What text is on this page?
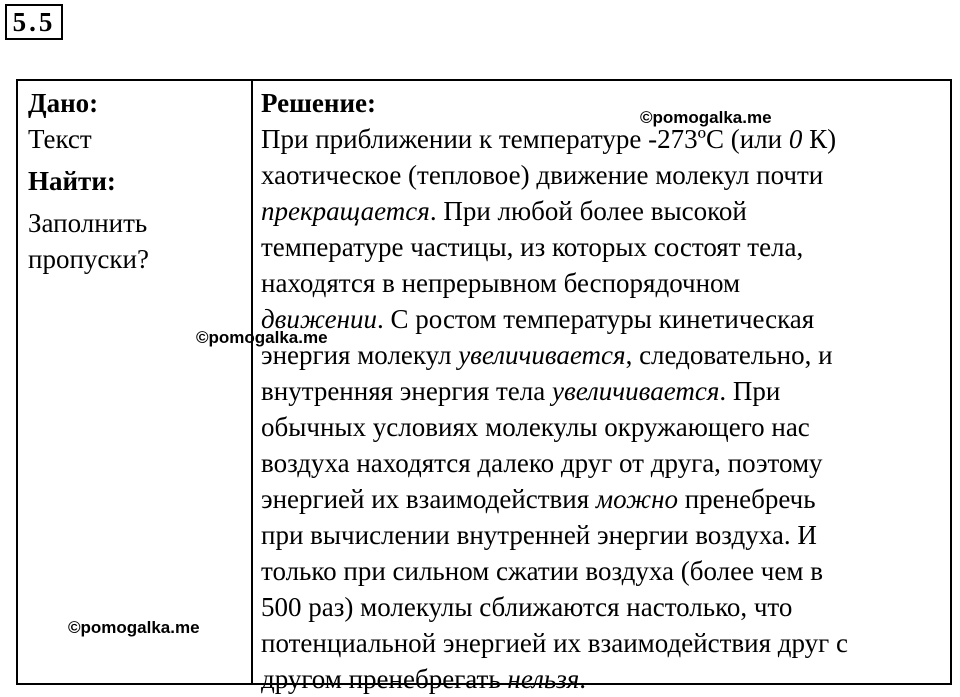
5.5
Дано:
Текст
Найти:
Заполнить
пропуски?
Решение:

При приближении к температуре -273ºС (или 0 К)

хаотическое (тепловое) движение молекул почти

прекращается. При любой более высокой

температуре частицы, из которых состоят тела,

находятся в непрерывном беспорядочном

движении. С ростом температуры кинетическая

энергия молекул увеличивается, следовательно, и

внутренняя энергия тела увеличивается. При

обычных условиях молекулы окружающего нас

воздуха находятся далеко друг от друга, поэтому

энергией их взаимодействия можно пренебречь

при вычислении внутренней энергии воздуха. И

только при сильном сжатии воздуха (более чем в

500 раз) молекулы сближаются настолько, что

потенциальной энергией их взаимодействия друг с

другом пренебрегать нельзя.

©pomogalka.me
©pomogalka.me
©pomogalka.me
